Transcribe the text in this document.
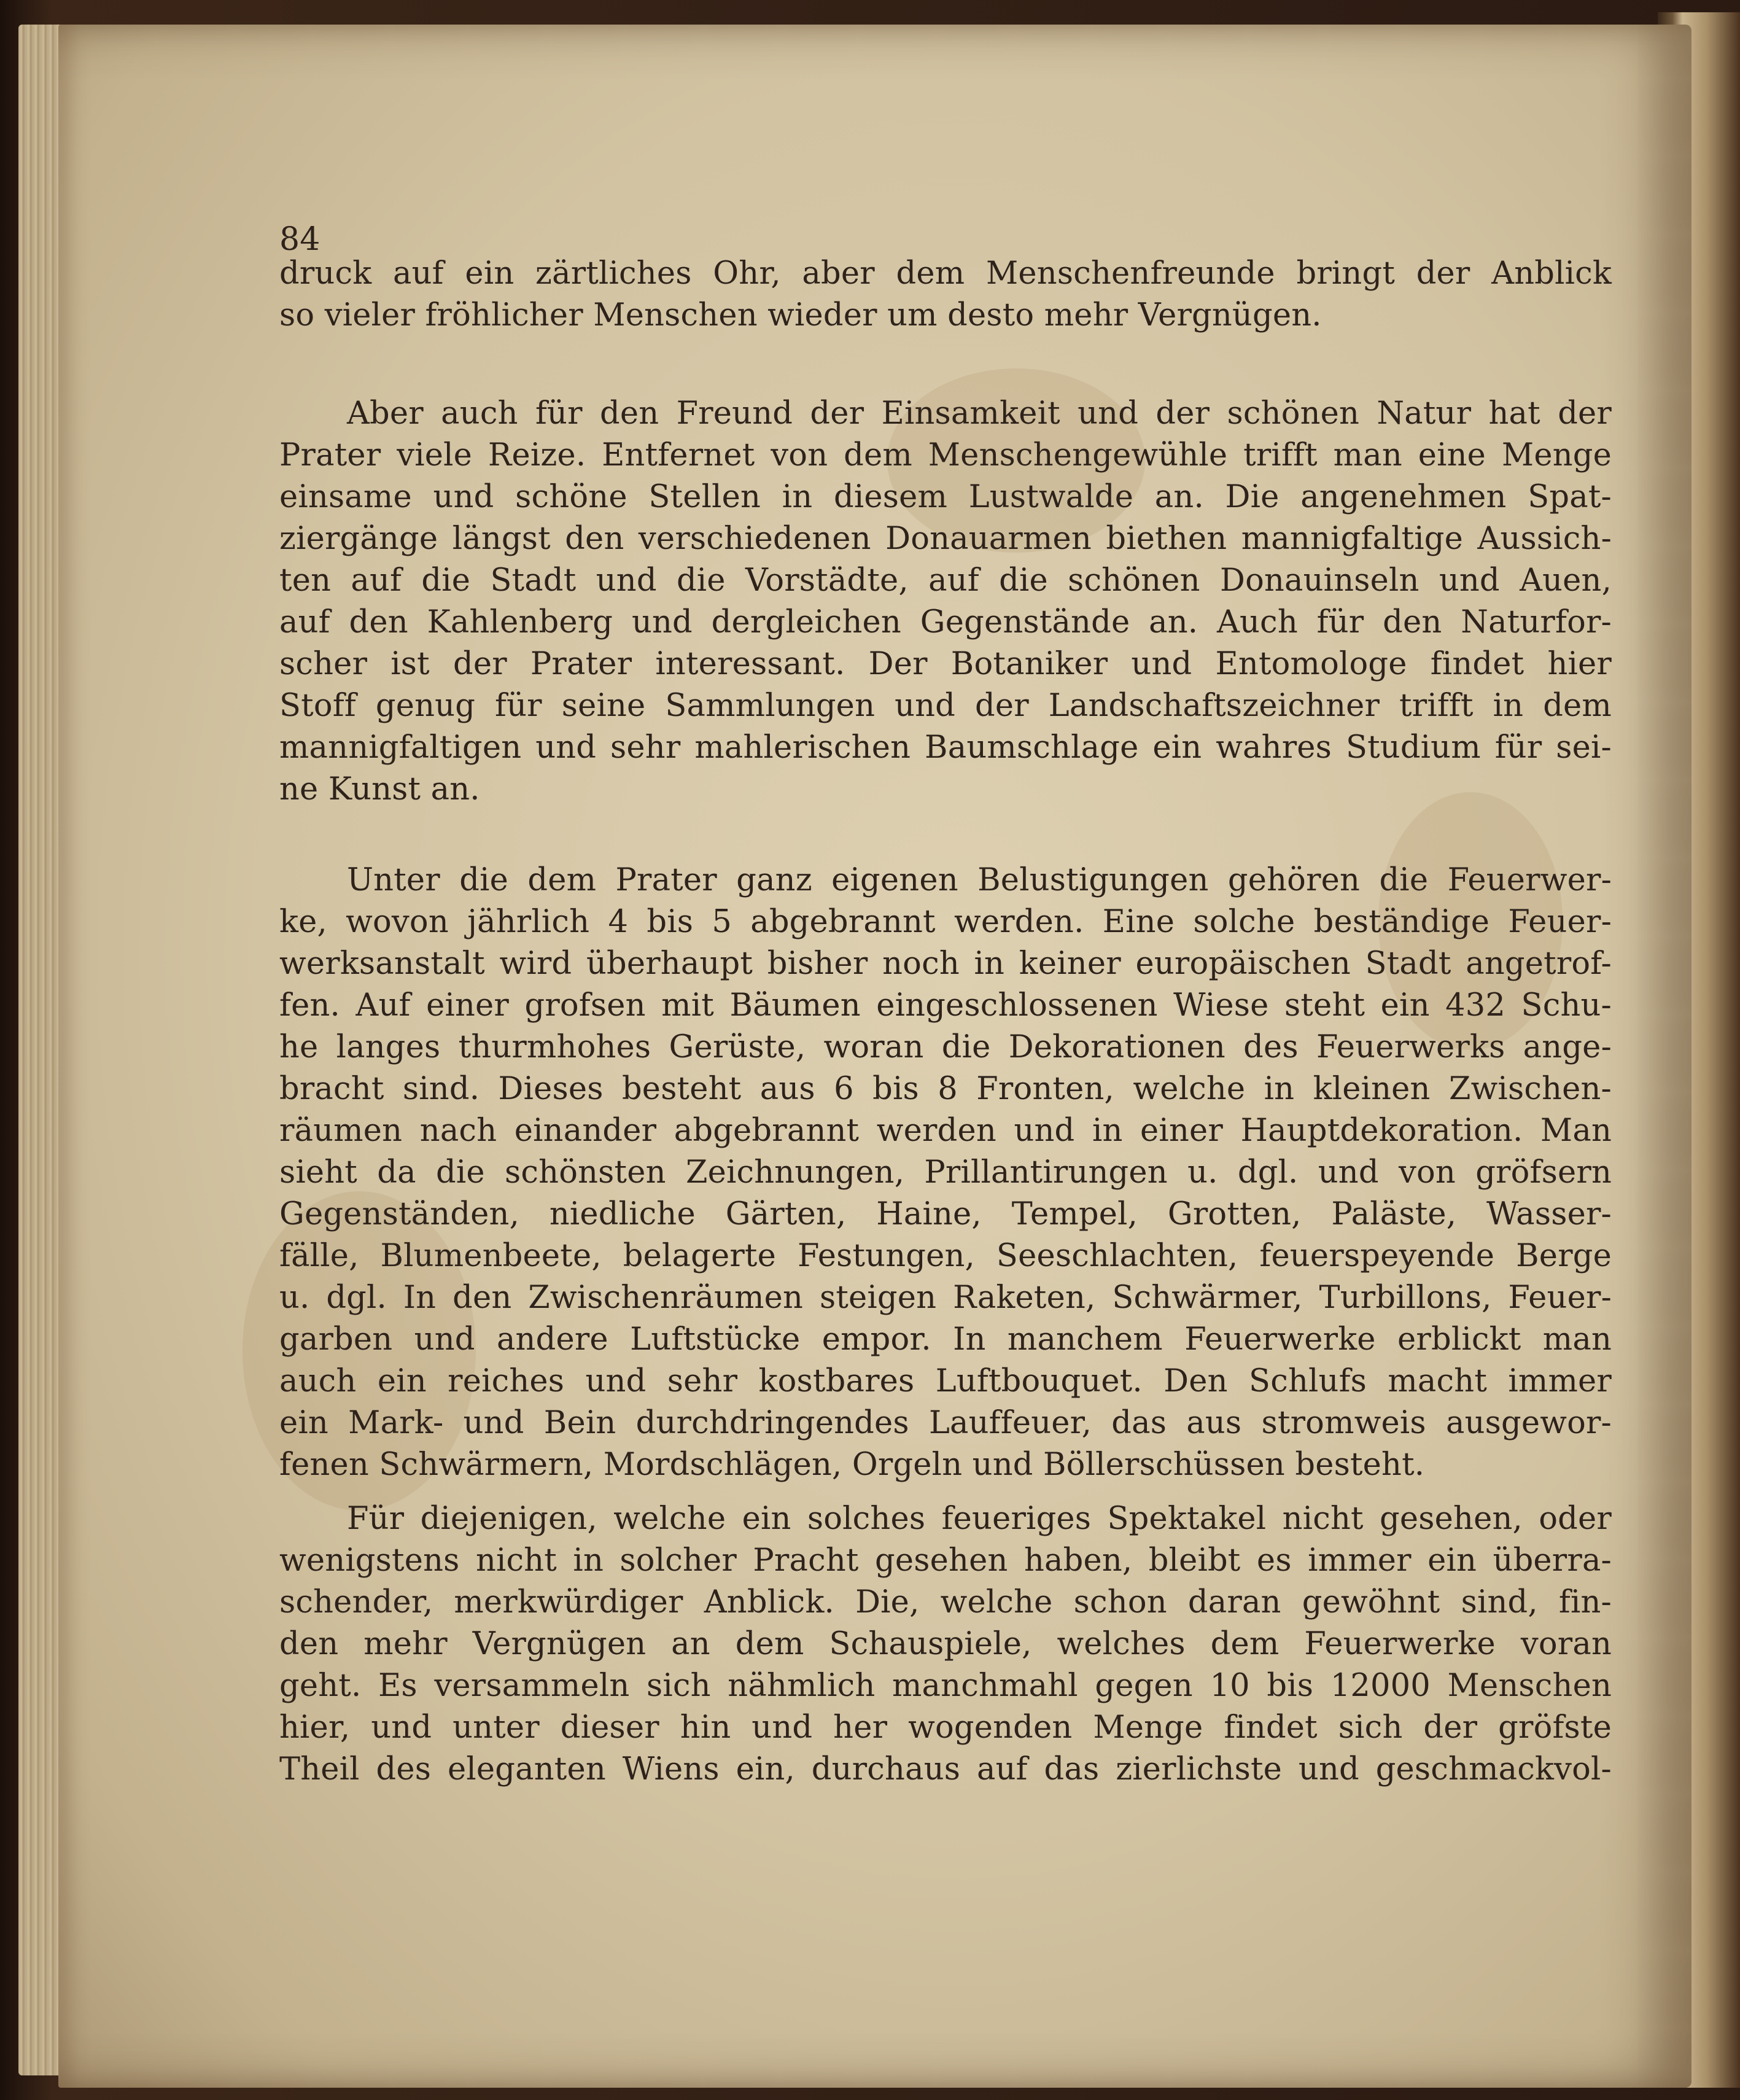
84
druck auf ein zärtliches Ohr, aber dem Menschenfreunde bringt der Anblick
so vieler fröhlicher Menschen wieder um desto mehr Vergnügen.
Aber auch für den Freund der Einsamkeit und der schönen Natur hat der
Prater viele Reize. Entfernet von dem Menschengewühle trifft man eine Menge
einsame und schöne Stellen in diesem Lustwalde an. Die angenehmen Spat-
ziergänge längst den verschiedenen Donauarmen biethen mannigfaltige Aussich-
ten auf die Stadt und die Vorstädte, auf die schönen Donauinseln und Auen,
auf den Kahlenberg und dergleichen Gegenstände an. Auch für den Naturfor-
scher ist der Prater interessant. Der Botaniker und Entomologe findet hier
Stoff genug für seine Sammlungen und der Landschaftszeichner trifft in dem
mannigfaltigen und sehr mahlerischen Baumschlage ein wahres Studium für sei-
ne Kunst an.
Unter die dem Prater ganz eigenen Belustigungen gehören die Feuerwer-
ke, wovon jährlich 4 bis 5 abgebrannt werden. Eine solche beständige Feuer-
werksanstalt wird überhaupt bisher noch in keiner europäischen Stadt angetrof-
fen. Auf einer grofsen mit Bäumen eingeschlossenen Wiese steht ein 432 Schu-
he langes thurmhohes Gerüste, woran die Dekorationen des Feuerwerks ange-
bracht sind. Dieses besteht aus 6 bis 8 Fronten, welche in kleinen Zwischen-
räumen nach einander abgebrannt werden und in einer Hauptdekoration. Man
sieht da die schönsten Zeichnungen, Prillantirungen u. dgl. und von gröfsern
Gegenständen, niedliche Gärten, Haine, Tempel, Grotten, Paläste, Wasser-
fälle, Blumenbeete, belagerte Festungen, Seeschlachten, feuerspeyende Berge
u. dgl. In den Zwischenräumen steigen Raketen, Schwärmer, Turbillons, Feuer-
garben und andere Luftstücke empor. In manchem Feuerwerke erblickt man
auch ein reiches und sehr kostbares Luftbouquet. Den Schlufs macht immer
ein Mark- und Bein durchdringendes Lauffeuer, das aus stromweis ausgewor-
fenen Schwärmern, Mordschlägen, Orgeln und Böllerschüssen besteht.
Für diejenigen, welche ein solches feueriges Spektakel nicht gesehen, oder
wenigstens nicht in solcher Pracht gesehen haben, bleibt es immer ein überra-
schender, merkwürdiger Anblick. Die, welche schon daran gewöhnt sind, fin-
den mehr Vergnügen an dem Schauspiele, welches dem Feuerwerke voran
geht. Es versammeln sich nähmlich manchmahl gegen 10 bis 12000 Menschen
hier, und unter dieser hin und her wogenden Menge findet sich der gröfste
Theil des eleganten Wiens ein, durchaus auf das zierlichste und geschmackvol-
